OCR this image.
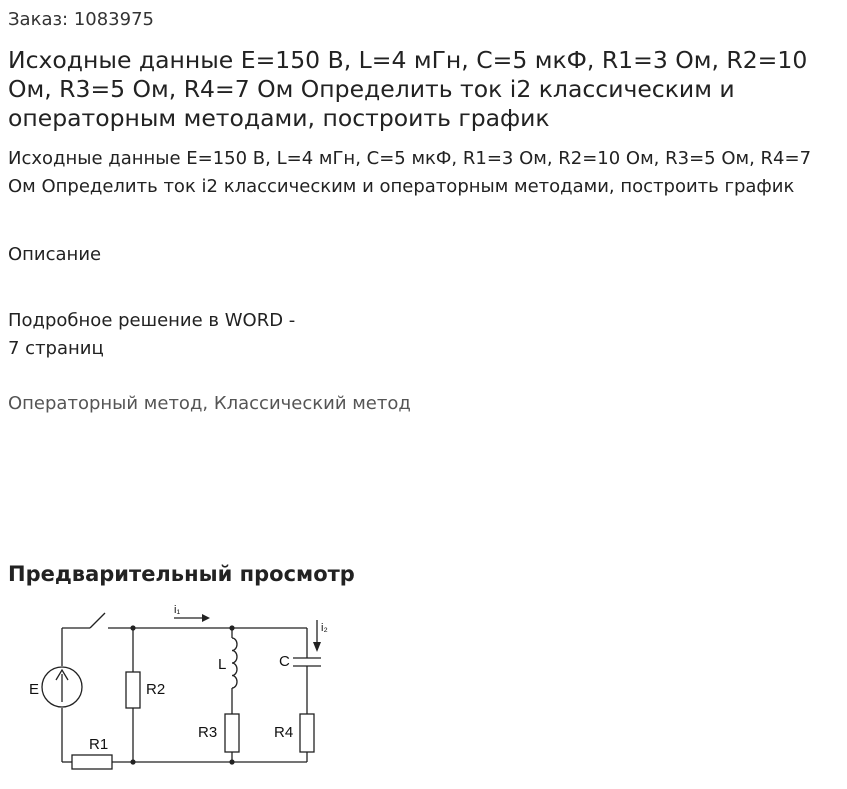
Заказ: 1083975
Исходные данные E=150 В, L=4 мГн, C=5 мкФ, R1=3 Ом, R2=10 Ом, R3=5 Ом, R4=7 Ом Определить ток i2 классическим и операторным методами, построить график
Исходные данные E=150 В, L=4 мГн, C=5 мкФ, R1=3 Ом, R2=10 Ом, R3=5 Ом, R4=7 Ом Определить ток i2 классическим и операторным методами, построить график
Описание
Подробное решение в WORD -
7 страниц
Операторный метод, Классический метод
Предварительный просмотр
E
R1
R2
L
R3
C
R4
i₁
i₂
